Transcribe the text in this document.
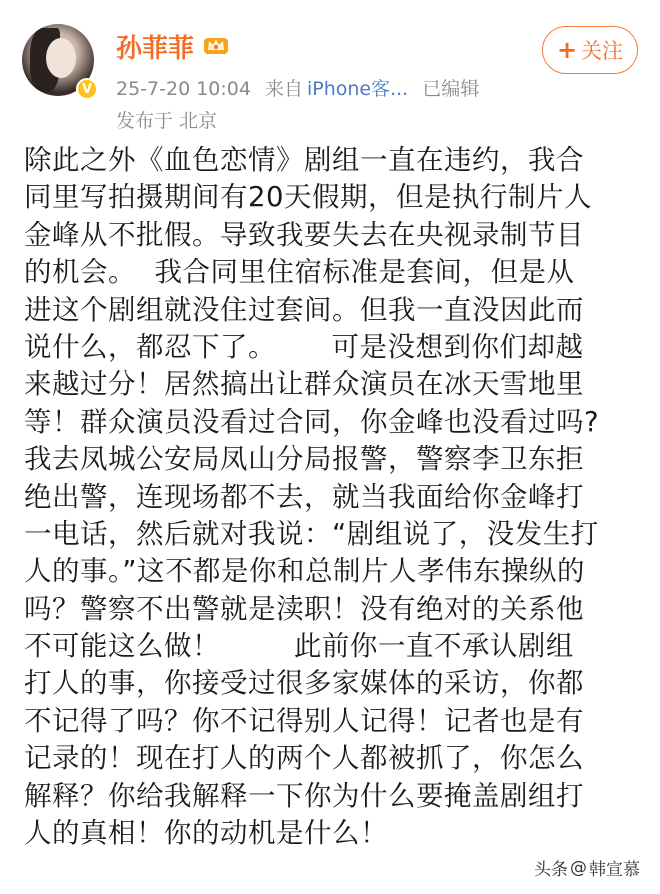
V
孙菲菲
25-7-20 10:04 来自 iPhone客... 已编辑
发布于 北京
+ 关注
除此之外《血色恋情》剧组一直在违约，我合
同里写拍摄期间有20天假期，但是执行制片人
金峰从不批假。导致我要失去在央视录制节目
的机会。  我合同里住宿标准是套间，但是从
进这个剧组就没住过套间。但我一直没因此而
说什么，都忍下了。      可是没想到你们却越
来越过分！居然搞出让群众演员在冰天雪地里
等！群众演员没看过合同，你金峰也没看过吗?
我去凤城公安局凤山分局报警，警察李卫东拒
绝出警，连现场都不去，就当我面给你金峰打
一电话，然后就对我说：“剧组说了，没发生打
人的事。”这不都是你和总制片人孝伟东操纵的
吗？警察不出警就是渎职！没有绝对的关系他
不可能这么做！        此前你一直不承认剧组
打人的事，你接受过很多家媒体的采访，你都
不记得了吗？你不记得别人记得！记者也是有
记录的！现在打人的两个人都被抓了，你怎么
解释？你给我解释一下你为什么要掩盖剧组打
人的真相！你的动机是什么！
头条 @ 韩宣慕
